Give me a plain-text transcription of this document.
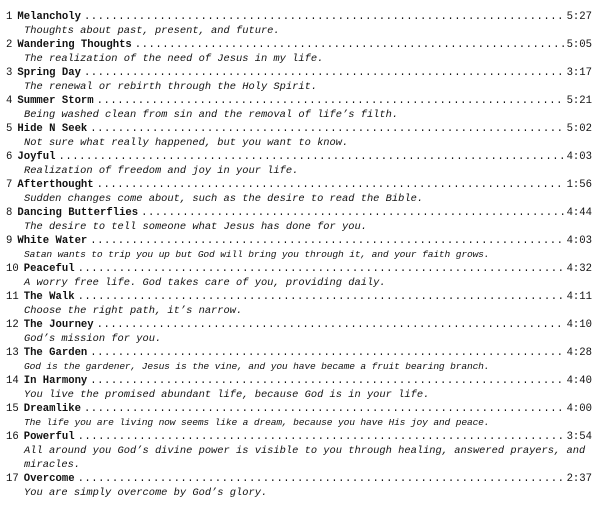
1 Melancholy .....	5:27

Thoughts about past, present, and future.

2 Wandering Thoughts .....	5:05

The realization of the need of Jesus in my life.

3 Spring Day .....	3:17

The renewal or rebirth through the Holy Spirit.

4 Summer Storm .....	5:21

Being washed clean from sin and the removal of life’s filth.

5 Hide N Seek .....	5:02

Not sure what really happened, but you want to know.

6 Joyful .....	4:03

Realization of freedom and joy in your life.

7 Afterthought .....	1:56

Sudden changes come about, such as the desire to read the Bible.

8 Dancing Butterflies .....	4:44

The desire to tell someone what Jesus has done for you.

9 White Water .....	4:03

Satan wants to trip you up but God will bring you through it, and your faith grows.

10 Peaceful .....	4:32

A worry free life. God takes care of you, providing daily.

11 The Walk .....	4:11

Choose the right path, it’s narrow.

12 The Journey .....	4:10

God’s mission for you.

13 The Garden .....	4:28

God is the gardener, Jesus is the vine, and you have became a fruit bearing branch.

14 In Harmony .....	4:40

You live the promised abundant life, because God is in your life.

15 Dreamlike .....	4:00

The life you are living now seems like a dream, because you have His joy and peace.

16 Powerful .....	3:54

All around you God’s divine power is visible to you through healing, answered prayers, and miracles.

17 Overcome .....	2:37

You are simply overcome by God’s glory.
